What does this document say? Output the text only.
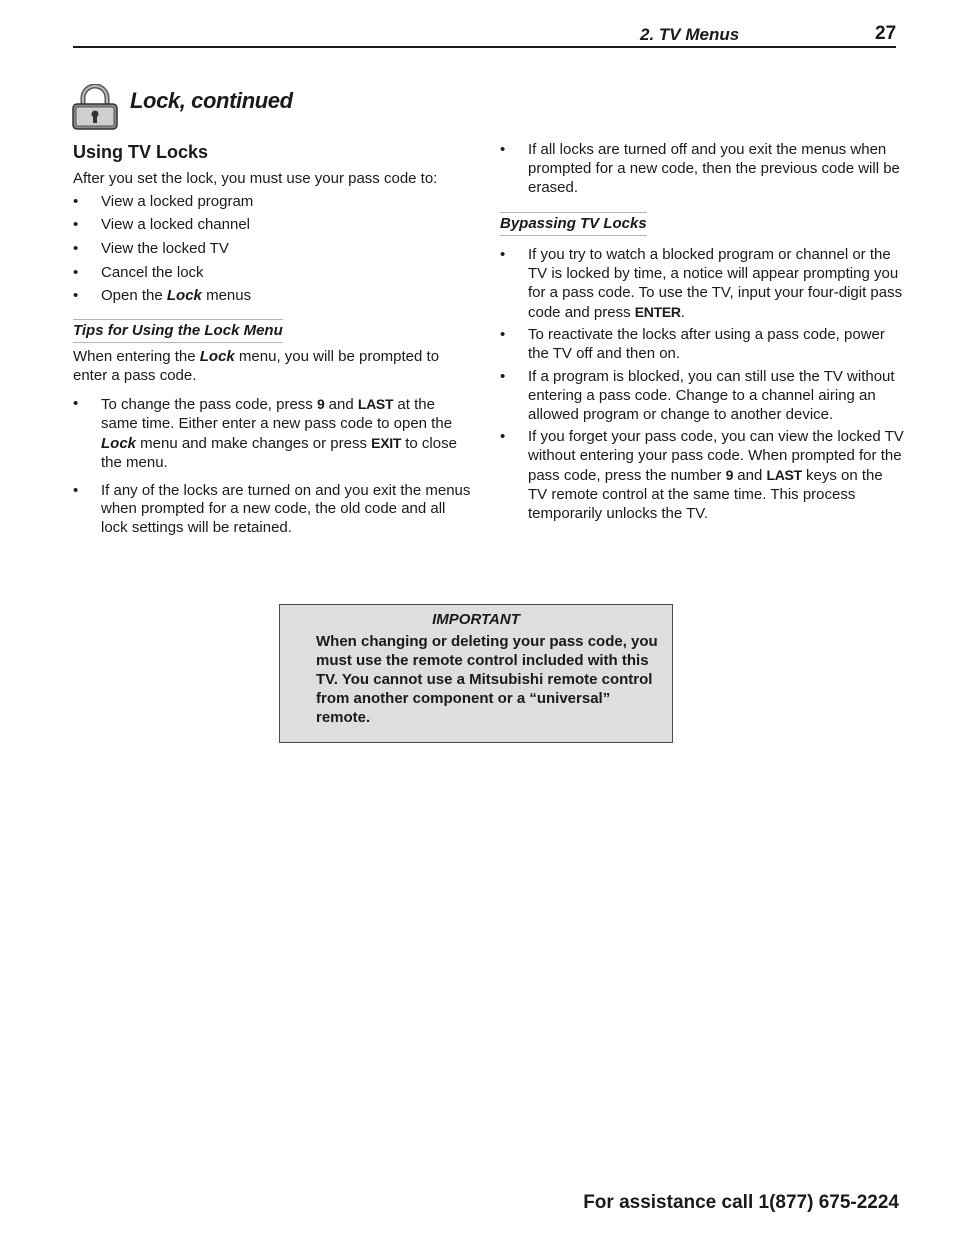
2. TV Menus	27
Lock, continued
Using TV Locks

After you set the lock, you must use your pass code to:

• View a locked program
• View a locked channel
• View the locked TV
• Cancel the lock
• Open the Lock menus
Tips for Using the Lock Menu

When entering the Lock menu, you will be prompted to enter a pass code.

• To change the pass code, press 9 and LAST at the same time. Either enter a new pass code to open the Lock menu and make changes or press EXIT to close the menu.
• If any of the locks are turned on and you exit the menus when prompted for a new code, the old code and all lock settings will be retained.
• If all locks are turned off and you exit the menus when prompted for a new code, then the previous code will be erased.
Bypassing TV Locks
• If you try to watch a blocked program or channel or the TV is locked by time, a notice will appear prompting you for a pass code. To use the TV, input your four-digit pass code and press ENTER.
• To reactivate the locks after using a pass code, power the TV off and then on.
• If a program is blocked, you can still use the TV without entering a pass code. Change to a channel airing an allowed program or change to another device.
• If you forget your pass code, you can view the locked TV without entering your pass code. When prompted for the pass code, press the number 9 and LAST keys on the TV remote control at the same time. This process temporarily unlocks the TV.
IMPORTANT
When changing or deleting your pass code, you must use the remote control included with this TV. You cannot use a Mitsubishi remote control from another component or a “universal” remote.
For assistance call 1(877) 675-2224
